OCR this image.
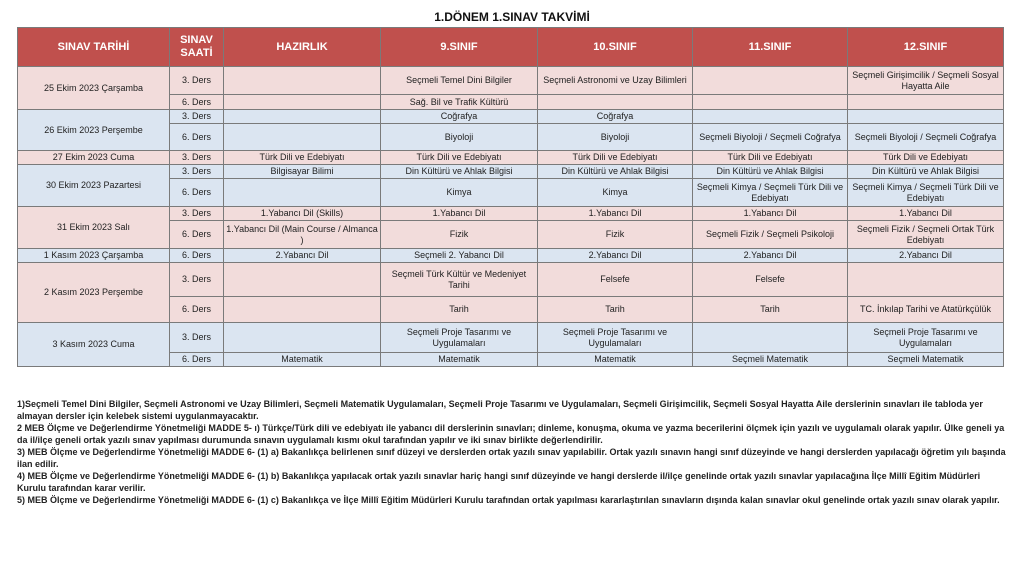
1.DÖNEM 1.SINAV TAKVİMİ
SINAV TARİHİ	SINAV SAATİ	HAZIRLIK	9.SINIF	10.SINIF	11.SINIF	12.SINIF
25 Ekim 2023 Çarşamba	3. Ders		Seçmeli Temel Dini Bilgiler	Seçmeli Astronomi ve Uzay Bilimleri		Seçmeli Girişimcilik / Seçmeli Sosyal Hayatta Aile
	6. Ders		Sağ. Bil ve Trafik Kültürü			
26 Ekim 2023 Perşembe	3. Ders		Coğrafya	Coğrafya		
	6. Ders		Biyoloji	Biyoloji	Seçmeli Biyoloji / Seçmeli Coğrafya	Seçmeli Biyoloji / Seçmeli Coğrafya
27 Ekim 2023 Cuma	3. Ders	Türk Dili ve Edebiyatı	Türk Dili ve Edebiyatı	Türk Dili ve Edebiyatı	Türk Dili ve Edebiyatı	Türk Dili ve Edebiyatı
30 Ekim 2023 Pazartesi	3. Ders	Bilgisayar Bilimi	Din Kültürü ve Ahlak Bilgisi	Din Kültürü ve Ahlak Bilgisi	Din Kültürü ve Ahlak Bilgisi	Din Kültürü ve Ahlak Bilgisi
	6. Ders		Kimya	Kimya	Seçmeli Kimya / Seçmeli Türk Dili ve Edebiyatı	Seçmeli Kimya / Seçmeli Türk Dili ve Edebiyatı
31 Ekim 2023 Salı	3. Ders	1.Yabancı Dil (Skills)	1.Yabancı Dil	1.Yabancı Dil	1.Yabancı Dil	1.Yabancı Dil
	6. Ders	1.Yabancı Dil (Main Course / Almanca )	Fizik	Fizik	Seçmeli Fizik / Seçmeli Psikoloji	Seçmeli Fizik / Seçmeli Ortak Türk Edebiyatı
1 Kasım 2023 Çarşamba	6. Ders	2.Yabancı Dil	Seçmeli 2. Yabancı Dil	2.Yabancı Dil	2.Yabancı Dil	2.Yabancı Dil
2 Kasım 2023 Perşembe	3. Ders		Seçmeli Türk Kültür ve Medeniyet Tarihi	Felsefe	Felsefe	
	6. Ders		Tarih	Tarih	Tarih	TC. İnkılap Tarihi ve Atatürkçülük
3 Kasım 2023 Cuma	3. Ders		Seçmeli Proje Tasarımı ve Uygulamaları	Seçmeli Proje Tasarımı ve Uygulamaları		Seçmeli Proje Tasarımı ve Uygulamaları
	6. Ders	Matematik	Matematik	Matematik	Seçmeli Matematik	Seçmeli Matematik
1)Seçmeli Temel Dini Bilgiler, Seçmeli Astronomi ve Uzay Bilimleri, Seçmeli Matematik Uygulamaları, Seçmeli Proje Tasarımı ve Uygulamaları, Seçmeli Girişimcilik, Seçmeli Sosyal Hayatta Aile derslerinin sınavları ile tabloda yer almayan dersler için kelebek sistemi uygulanmayacaktır.
2 MEB Ölçme ve Değerlendirme Yönetmeliği MADDE 5- ı) Türkçe/Türk dili ve edebiyatı ile yabancı dil derslerinin sınavları; dinleme, konuşma, okuma ve yazma becerilerini ölçmek için yazılı ve uygulamalı olarak yapılır. Ülke geneli ya da il/ilçe geneli ortak yazılı sınav yapılması durumunda sınavın uygulamalı kısmı okul tarafından yapılır ve iki sınav birlikte değerlendirilir.
3) MEB Ölçme ve Değerlendirme Yönetmeliği MADDE 6- (1) a) Bakanlıkça belirlenen sınıf düzeyi ve derslerden ortak yazılı sınav yapılabilir. Ortak yazılı sınavın hangi sınıf düzeyinde ve hangi derslerden yapılacağı öğretim yılı başında ilan edilir.
4) MEB Ölçme ve Değerlendirme Yönetmeliği MADDE 6- (1) b) Bakanlıkça yapılacak ortak yazılı sınavlar hariç hangi sınıf düzeyinde ve hangi derslerde il/ilçe genelinde ortak yazılı sınavlar yapılacağına İlçe Millî Eğitim Müdürleri Kurulu tarafından karar verilir.
5) MEB Ölçme ve Değerlendirme Yönetmeliği MADDE 6- (1) c) Bakanlıkça ve İlçe Millî Eğitim Müdürleri Kurulu tarafından ortak yapılması kararlaştırılan sınavların dışında kalan sınavlar okul genelinde ortak yazılı sınav olarak yapılır.
